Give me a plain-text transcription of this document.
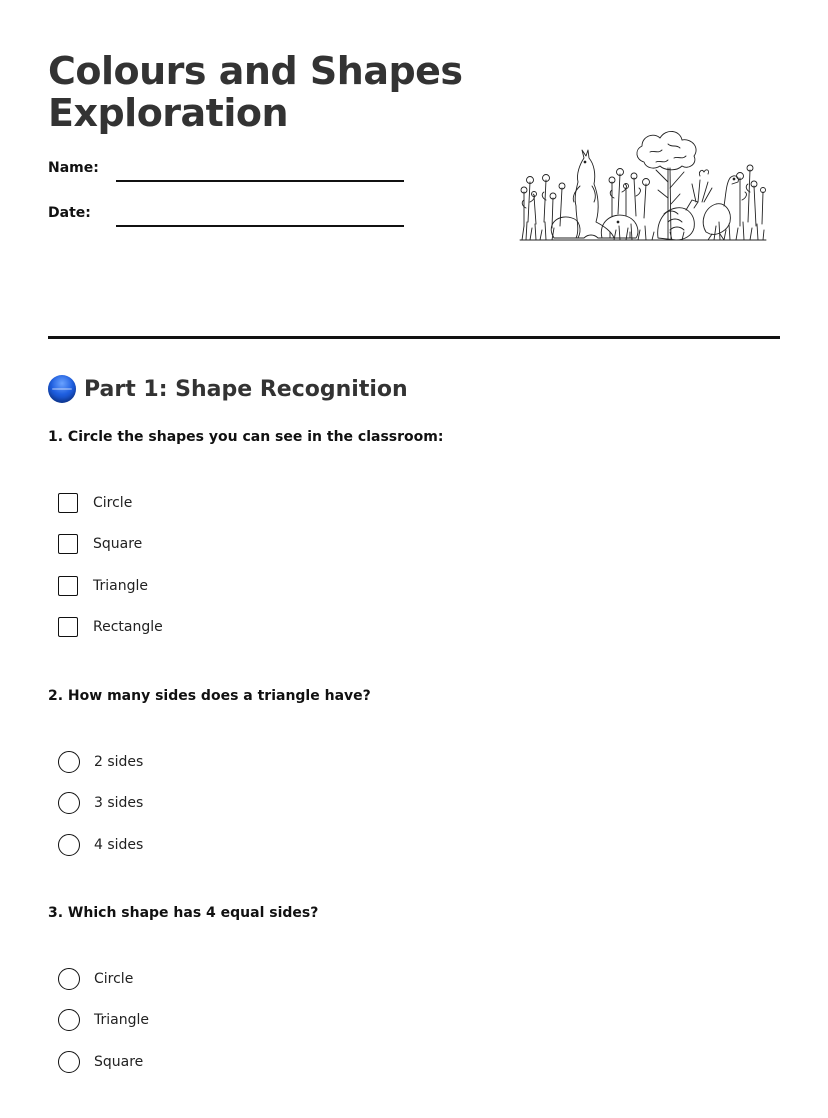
Colours and Shapes
Exploration
Name:
Date:
Part 1: Shape Recognition
1. Circle the shapes you can see in the classroom:
Circle
Square
Triangle
Rectangle
2. How many sides does a triangle have?
2 sides
3 sides
4 sides
3. Which shape has 4 equal sides?
Circle
Triangle
Square
